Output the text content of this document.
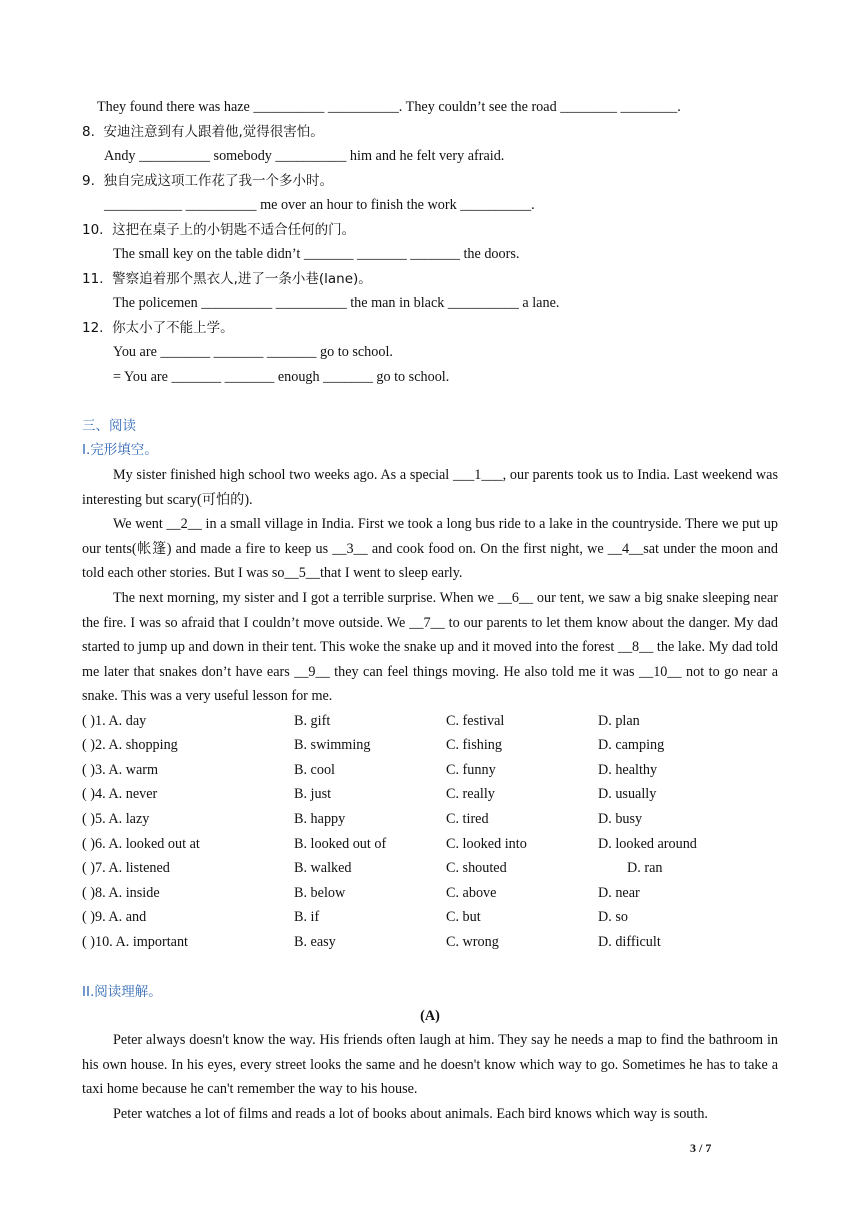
They found there was haze __________ __________. They couldn’t see the road ________ ________.
8. 安迪注意到有人跟着他,觉得很害怕。
Andy __________ somebody __________ him and he felt very afraid.
9. 独自完成这项工作花了我一个多小时。
___________ __________ me over an hour to finish the work __________.
10. 这把在桌子上的小钥匙不适合任何的门。
The small key on the table didn’t _______ _______ _______ the doors.
11. 警察追着那个黑衣人,进了一条小巷(lane)。
The policemen __________ __________ the man in black __________ a lane.
12. 你太小了不能上学。
You are _______ _______ _______ go to school.
= You are _______ _______ enough _______ go to school.
三、阅读
I.完形填空。

My sister finished high school two weeks ago. As a special ___1___, our parents took us to India. Last weekend was interesting but scary(可怕的).

We went __2__ in a small village in India. First we took a long bus ride to a lake in the countryside. There we put up our tents(帐篷) and made a fire to keep us __3__ and cook food on. On the first night, we __4__sat under the moon and told each other stories. But I was so__5__that I went to sleep early.

The next morning, my sister and I got a terrible surprise. When we __6__ our tent, we saw a big snake sleeping near the fire. I was so afraid that I couldn’t move outside. We __7__ to our parents to let them know about the danger. My dad started to jump up and down in their tent. This woke the snake up and it moved into the forest __8__ the lake. My dad told me later that snakes don’t have ears __9__ they can feel things moving. He also told me it was __10__ not to go near a snake. This was a very useful lesson for me.

( )1. A. day	B. gift	C. festival	D. plan
( )2. A. shopping	B. swimming	C. fishing	D. camping
( )3. A. warm	B. cool	C. funny	D. healthy
( )4. A. never	B. just	C. really	D. usually
( )5. A. lazy	B. happy	C. tired	D. busy
( )6. A. looked out at	B. looked out of	C. looked into	D. looked around
( )7. A. listened	B. walked	C. shouted	D. ran
( )8. A. inside	B. below	C. above	D. near
( )9. A. and	B. if	C. but	D. so
( )10. A. important	B. easy	C. wrong	D. difficult
II.阅读理解。
(A)

Peter always doesn't know the way. His friends often laugh at him. They say he needs a map to find the bathroom in his own house. In his eyes, every street looks the same and he doesn't know which way to go. Sometimes he has to take a taxi home because he can't remember the way to his house.

Peter watches a lot of films and reads a lot of books about animals. Each bird knows which way is south.

3 / 7
